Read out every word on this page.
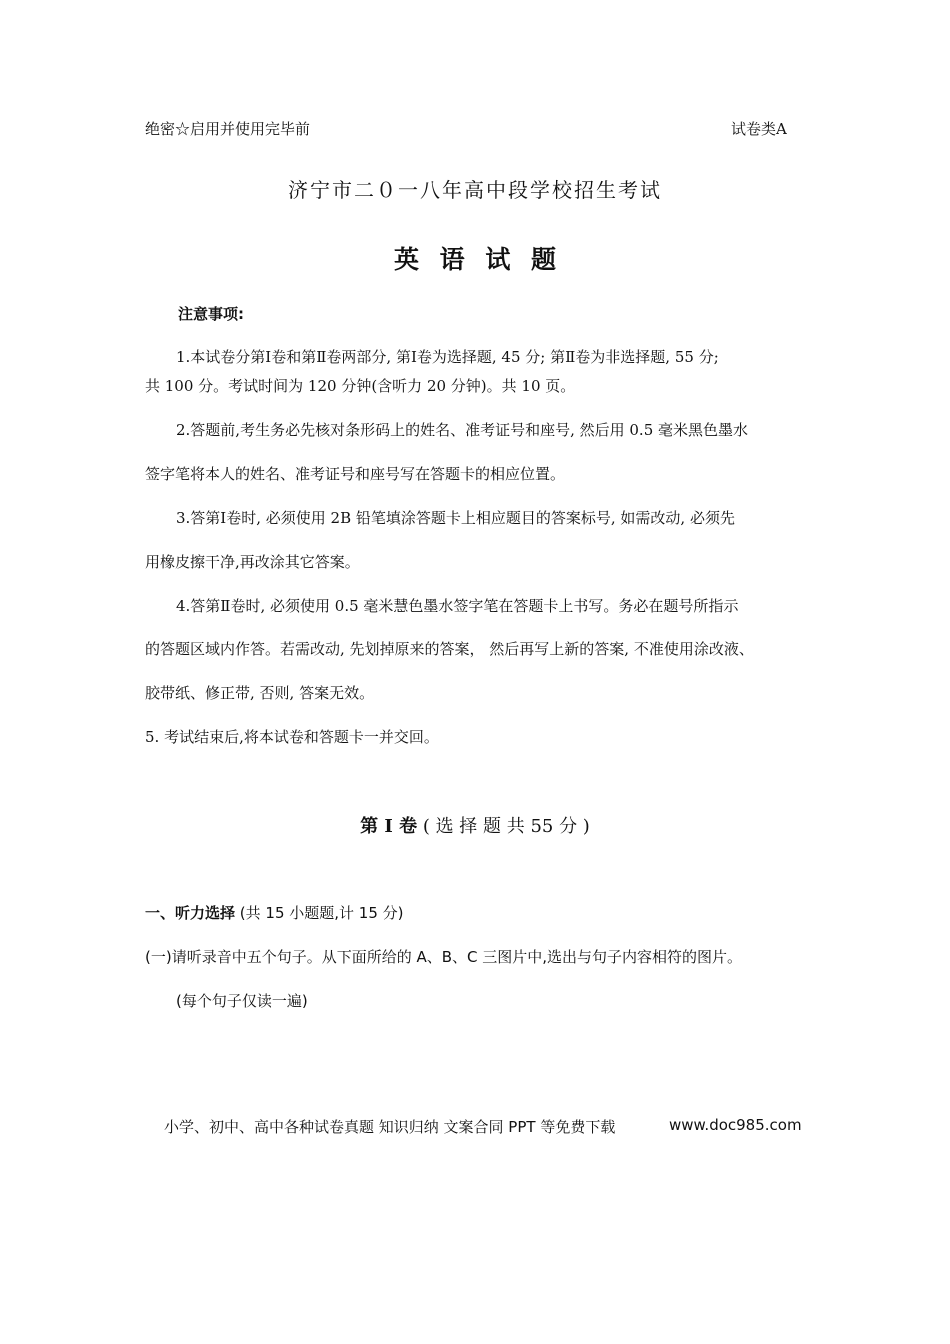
绝密☆启用并使用完毕前	试卷类A
济宁市二０一八年高中段学校招生考试
英 语 试 题
注意事项:
1.本试卷分第Ⅰ卷和第Ⅱ卷两部分, 第Ⅰ卷为选择题, 45 分; 第Ⅱ卷为非选择题, 55 分;
共 100 分。考试时间为 120 分钟(含听力 20 分钟)。共 10 页。
2.答题前,考生务必先核对条形码上的姓名、准考证号和座号, 然后用 0.5 毫米黑色墨水
签字笔将本人的姓名、准考证号和座号写在答题卡的相应位置。
3.答第Ⅰ卷时, 必须使用 2B 铅笔填涂答题卡上相应题目的答案标号, 如需改动, 必须先
用橡皮擦干净,再改涂其它答案。
4.答第Ⅱ卷时, 必须使用 0.5 毫米慧色墨水签字笔在答题卡上书写。务必在题号所指示
的答题区域内作答。若需改动, 先划掉原来的答案， 然后再写上新的答案, 不准使用涂改液、
胶带纸、修正带, 否则, 答案无效。
5. 考试结束后,将本试卷和答题卡一并交回。
第 Ⅰ 卷 ( 选 择 题 共 55 分 )
一、听力选择 (共 15 小题题,计 15 分)
(一)请听录音中五个句子。从下面所给的 A、B、C 三图片中,选出与句子内容相符的图片。
(每个句子仅读一遍)
小学、初中、高中各种试卷真题 知识归纳 文案合同 PPT 等免费下载	www.doc985.com
